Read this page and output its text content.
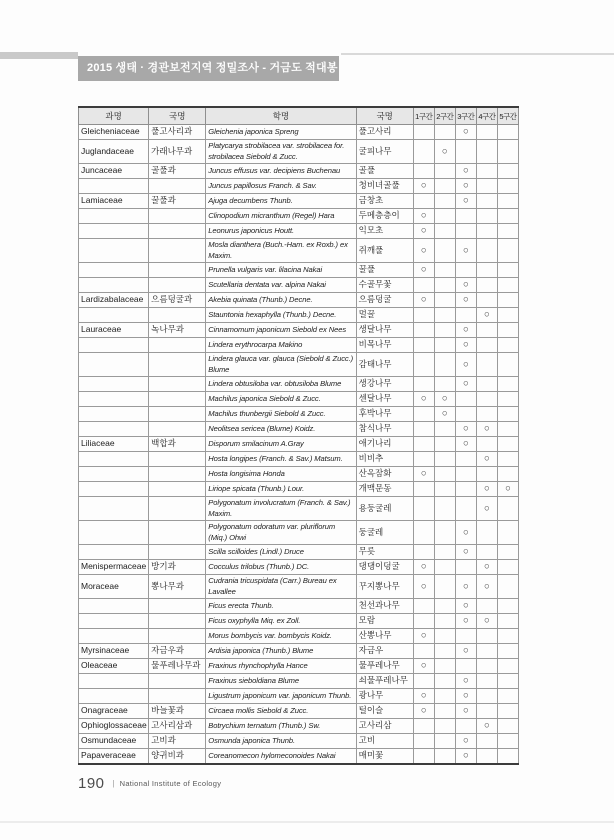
2015 생태 · 경관보전지역 정밀조사 - 거금도 적대봉
과명	국명	학명	국명	1구간	2구간	3구간	4구간	5구간
Gleicheniaceae	풀고사리과	Gleichenia japonica Spreng	풀고사리			○		
Juglandaceae	가래나무과	Platycarya strobilacea var. strobilacea for. strobilacea Siebold & Zucc.	굴피나무		○			
Juncaceae	골풀과	Juncus effusus var. decipiens Buchenau	골풀			○		
		Juncus papillosus Franch. & Sav.	청비녀골풀	○		○		
Lamiaceae	꿀풀과	Ajuga decumbens Thunb.	금창초			○		
		Clinopodium micranthum (Regel) Hara	두메층층이	○				
		Leonurus japonicus Houtt.	익모초	○				
		Mosla dianthera (Buch.-Ham. ex Roxb.) ex Maxim.	쥐깨풀	○		○		
		Prunella vulgaris var. lilacina Nakai	꿀풀	○				
		Scutellaria dentata var. alpina Nakai	수골무꽃			○		
Lardizabalaceae	으름덩굴과	Akebia quinata (Thunb.) Decne.	으름덩굴	○		○		
		Stauntonia hexaphylla (Thunb.) Decne.	멀꿀				○	
Lauraceae	녹나무과	Cinnamomum japonicum Siebold ex Nees	생달나무			○		
		Lindera erythrocarpa Makino	비목나무			○		
		Lindera glauca var. glauca (Siebold & Zucc.) Blume	감태나무			○		
		Lindera obtusiloba var. obtusiloba Blume	생강나무			○		
		Machilus japonica Siebold & Zucc.	센달나무	○	○			
		Machilus thunbergii Siebold & Zucc.	후박나무		○			
		Neolitsea sericea (Blume) Koidz.	참식나무			○	○	
Liliaceae	백합과	Disporum smilacinum A.Gray	애기나리			○		
		Hosta longipes (Franch. & Sav.) Matsum.	비비추				○	
		Hosta longisima Honda	산옥잠화	○				
		Liriope spicata (Thunb.) Lour.	개맥문동				○	○
		Polygonatum involucratum (Franch. & Sav.) Maxim.	용둥굴레				○	
		Polygonatum odoratum var. pluriflorum (Miq.) Ohwi	둥굴레			○		
		Scilla scilloides (Lindl.) Druce	무릇			○		
Menispermaceae	방기과	Cocculus trilobus (Thunb.) DC.	댕댕이덩굴	○			○	
Moraceae	뽕나무과	Cudrania tricuspidata (Carr.) Bureau ex Lavallee	꾸지뽕나무	○		○	○	
		Ficus erecta Thunb.	천선과나무			○		
		Ficus oxyphylla Miq. ex Zoll.	모람			○	○	
		Morus bombycis var. bombycis Koidz.	산뽕나무	○				
Myrsinaceae	자금우과	Ardisia japonica (Thunb.) Blume	자금우			○		
Oleaceae	물푸레나무과	Fraxinus rhynchophylla Hance	물푸레나무	○				
		Fraxinus sieboldiana Blume	쇠물푸레나무			○		
		Ligustrum japonicum var. japonicum Thunb.	광나무	○		○		
Onagraceae	바늘꽃과	Circaea mollis Siebold & Zucc.	털이슬	○		○		
Ophioglossaceae	고사리삼과	Botrychium ternatum (Thunb.) Sw.	고사리삼				○	
Osmundaceae	고비과	Osmunda japonica Thunb.	고비			○		
Papaveraceae	양귀비과	Coreanomecon hylomeconoides Nakai	매미꽃			○		
190 | National Institute of Ecology
